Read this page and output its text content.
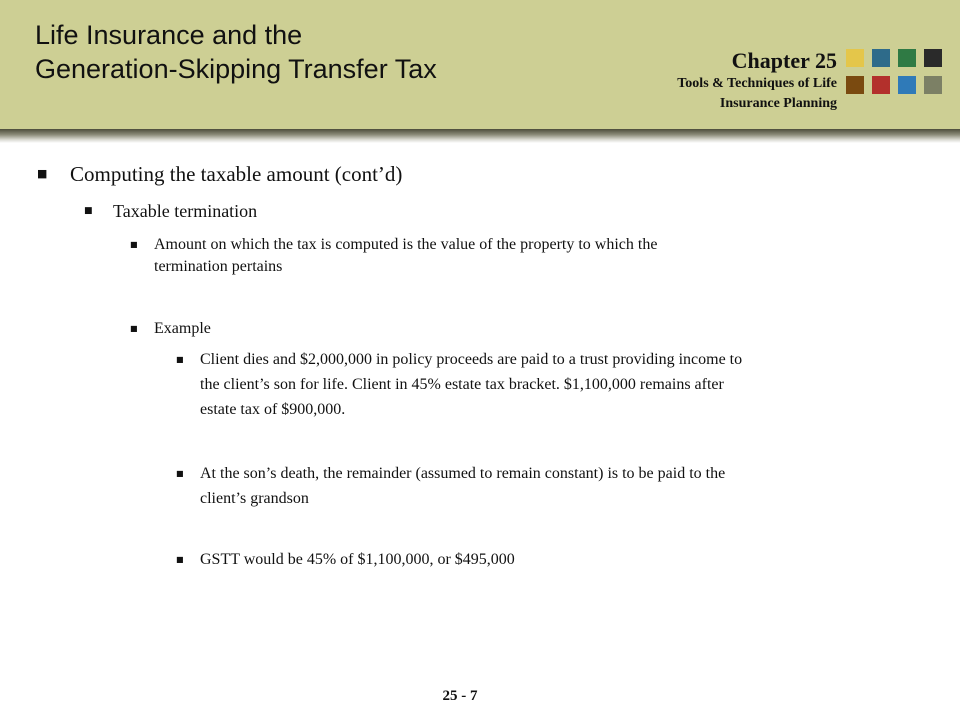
Life Insurance and the
Generation-Skipping Transfer Tax	Chapter 25
Tools & Techniques of Life
Insurance Planning
■ Computing the taxable amount (cont’d)

■ Taxable termination

■ Amount on which the tax is computed is the value of the property to which the

termination pertains

■ Example

■ Client dies and $2,000,000 in policy proceeds are paid to a trust providing income to

the client’s son for life. Client in 45% estate tax bracket. $1,100,000 remains after

estate tax of $900,000.

■ At the son’s death, the remainder (assumed to remain constant) is to be paid to the

client’s grandson

■ GSTT would be 45% of $1,100,000, or $495,000

25 - 7
